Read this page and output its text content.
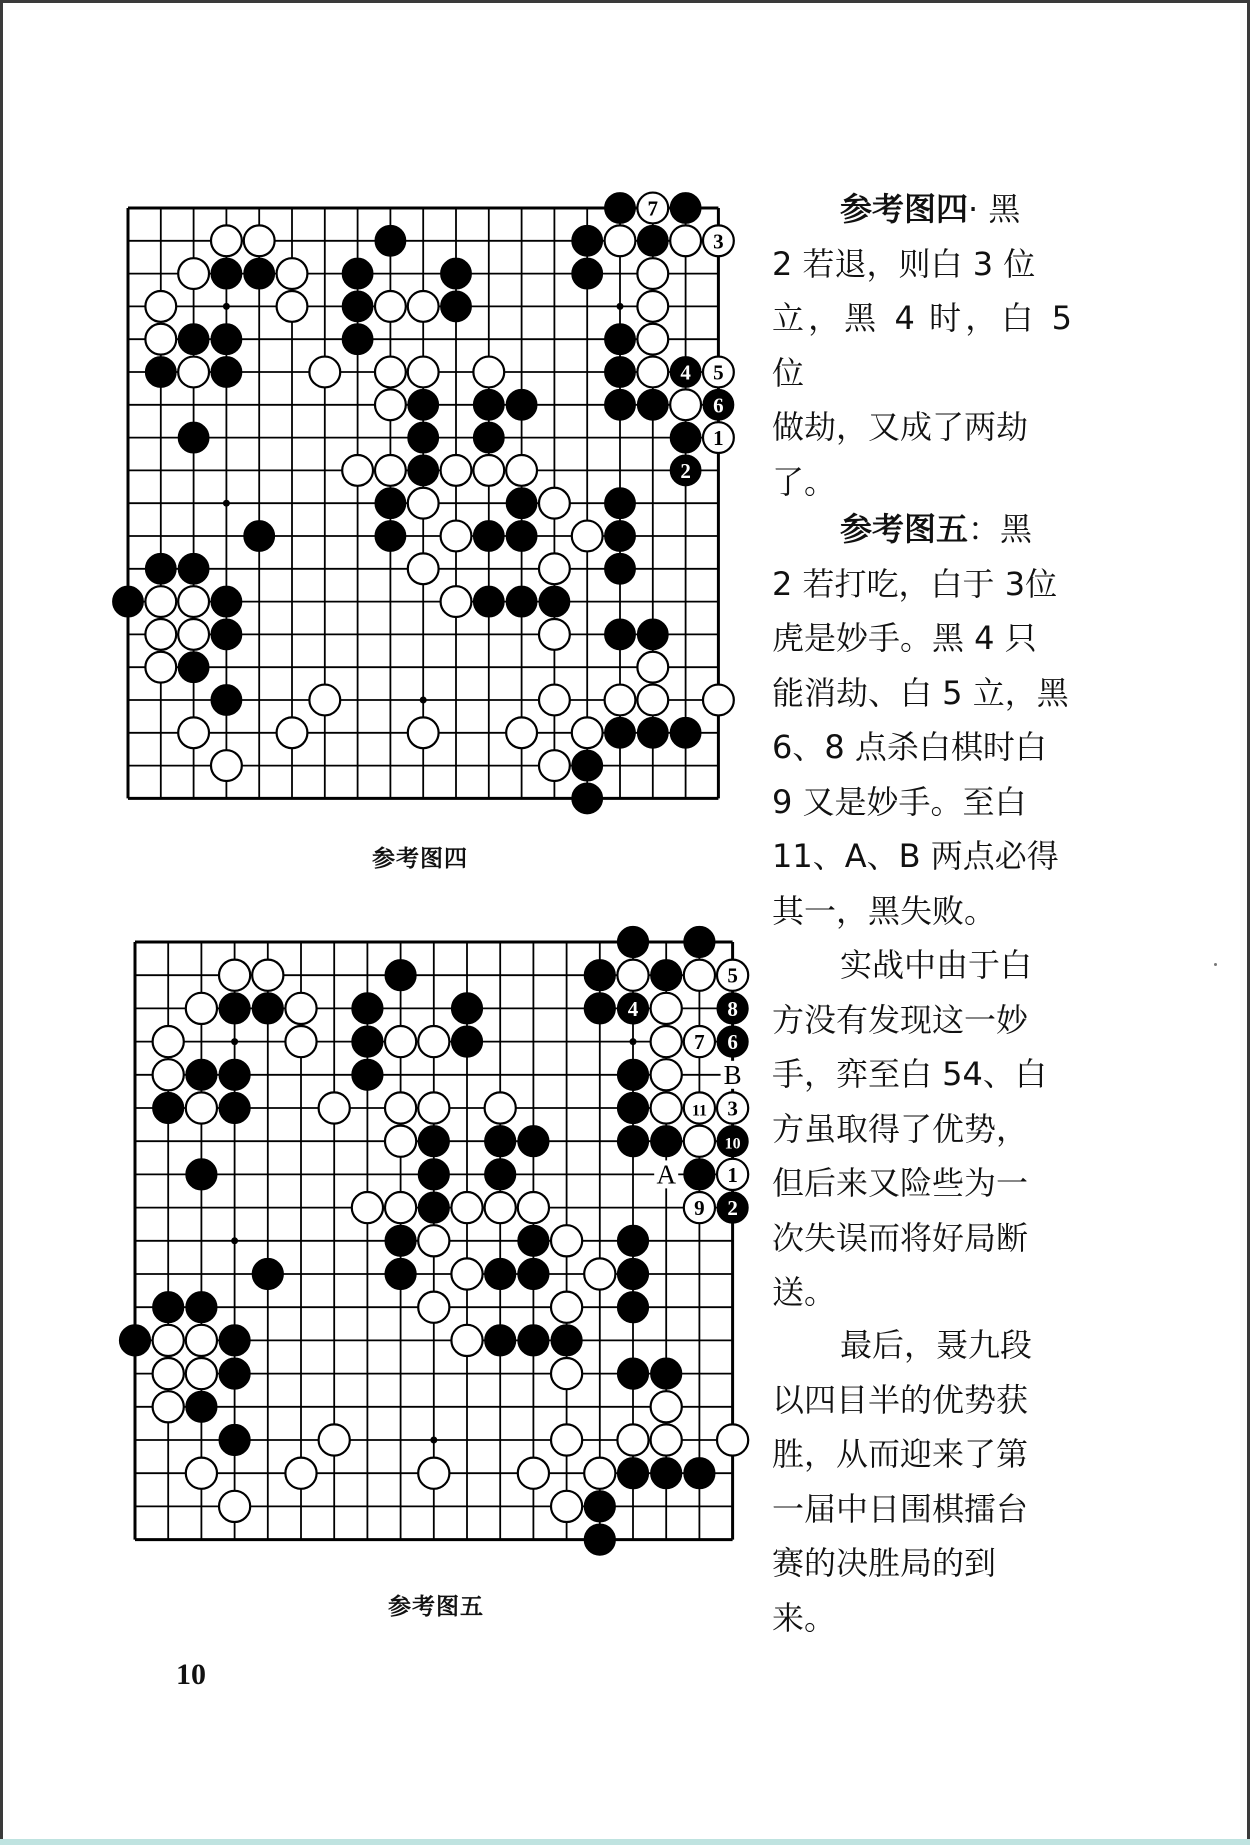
7
3
4 5
6
1
2
参考图四
5
4	8
7 6
11 3
10
1
9 2
B
A
参考图五
参考图四· 黑
2 若退，则白 3 位
立，黑 4 时，白 5 位
做劫，又成了两劫
了。
参考图五：黑
2 若打吃，白于 3位
虎是妙手。黑 4 只
能消劫、白 5 立，黑
6、8 点杀白棋时白
9 又是妙手。至白
11、A、B 两点必得
其一，黑失败。
实战中由于白
方没有发现这一妙
手，弈至白 54、白
方虽取得了优势，
但后来又险些为一
次失误而将好局断
送。
最后，聂九段
以四目半的优势获
胜，从而迎来了第
一届中日围棋擂台
赛的决胜局的到
来。
10
